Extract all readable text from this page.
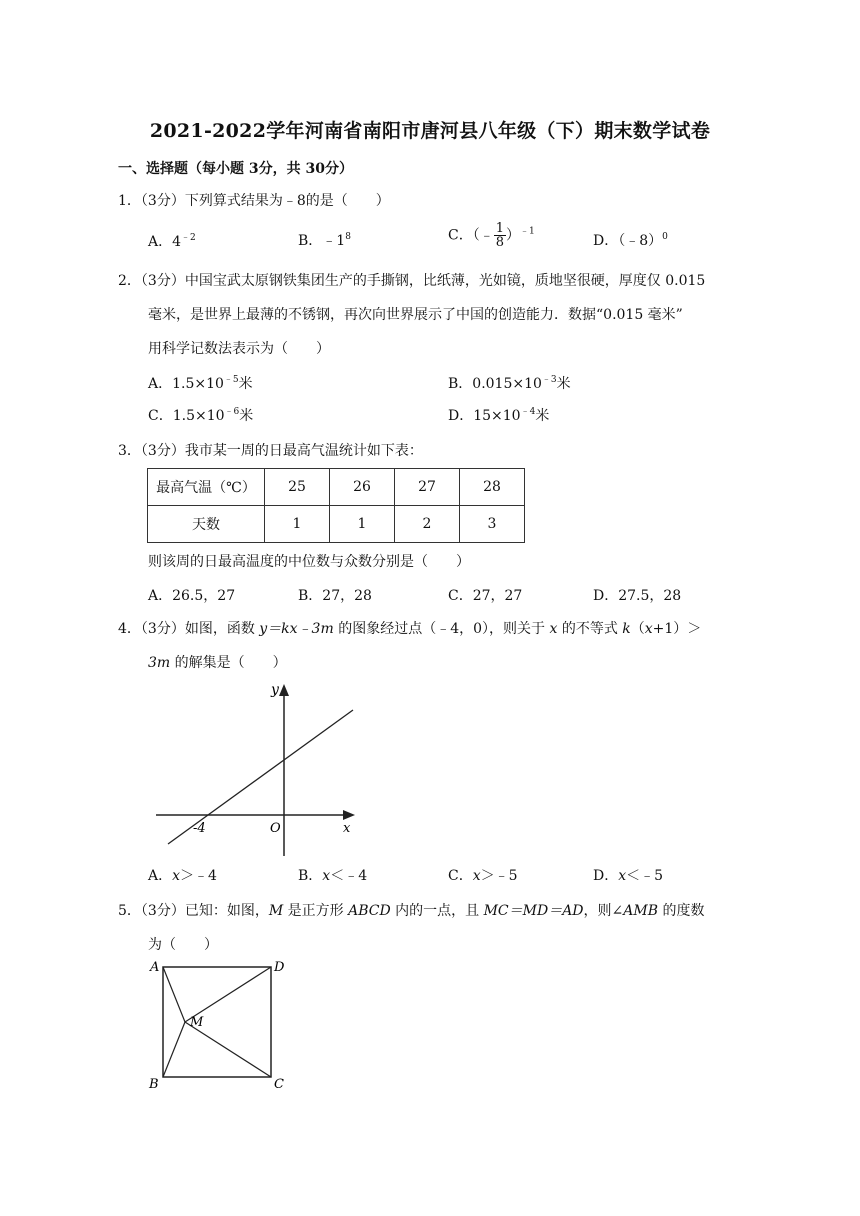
2021-2022学年河南省南阳市唐河县八年级（下）期末数学试卷
一、选择题（每小题 3分，共 30分）
1．（3分）下列算式结果为﹣8的是（　　）
A．$4^{﹣2}$	B．$﹣1^8$	C．（﹣ $\frac{1}{8} )^{﹣1}$
D．（﹣8）$^0$
2．（3分）中国宝武太原钢铁集团生产的手撕钢，比纸薄，光如镜，质地坚很硬，厚度仅 0.015
毫米，是世界上最薄的不锈钢，再次向世界展示了中国的创造能力．数据“0.015 毫米”
用科学记数法表示为（　　）
A．$1.5\times 10^{﹣5}$米	B．$0.015\times 10^{﹣3}$米
C．$1.5\times 10^{﹣6}$米	D．$15\times 10^{﹣4}$米
3．（3分）我市某一周的日最高气温统计如下表：
最高气温（℃）	25	26	27	28
天数	1	1	2	3
则该周的日最高温度的中位数与众数分别是（　　）
A．26.5，27	B．27，28	C．27，27	D．27.5，28
4．（3分）如图，函数 y＝kx﹣3m 的图象经过点（﹣4，0），则关于 x 的不等式 k（x+1）＞
3m 的解集是（　　）
y
x
O
-4
A．x＞﹣4	B．x＜﹣4	C．x＞﹣5	D．x＜﹣5
5．（3分）已知：如图，M 是正方形 ABCD 内的一点，且 MC＝MD＝AD，则∠AMB 的度数
为（　　）
A	D
B	C
M
